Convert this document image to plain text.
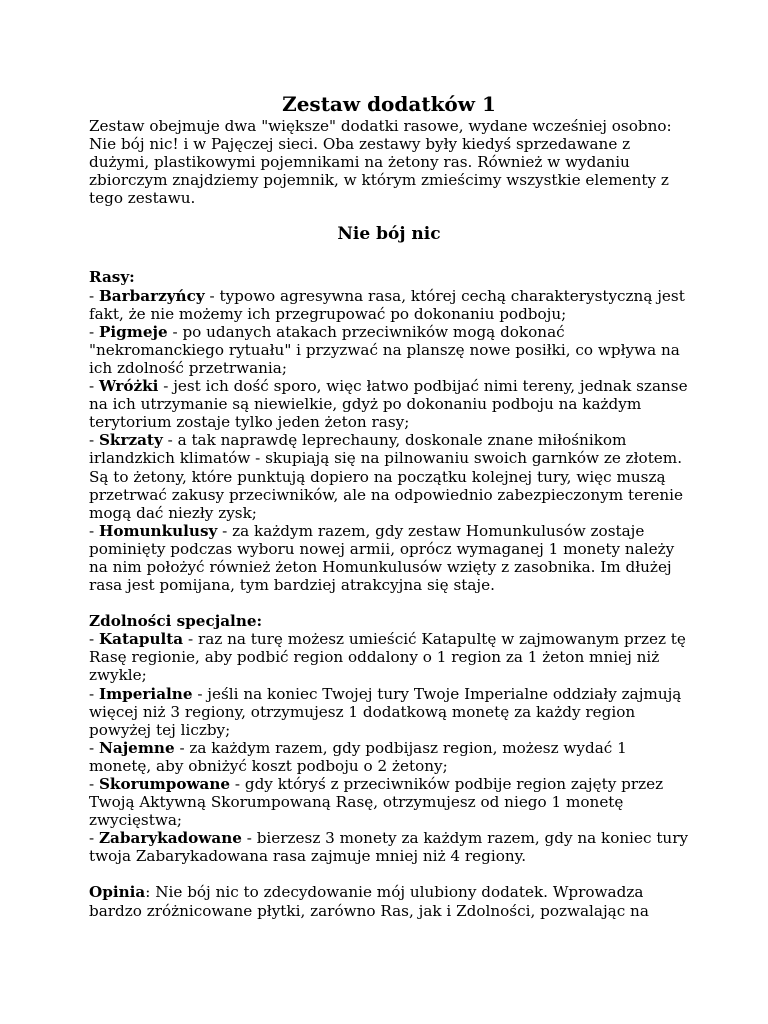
Zestaw dodatków 1

Zestaw obejmuje dwa "większe" dodatki rasowe, wydane wcześniej osobno: Nie bój nic! i w Pajęczej sieci. Oba zestawy były kiedyś sprzedawane z dużymi, plastikowymi pojemnikami na żetony ras. Również w wydaniu zbiorczym znajdziemy pojemnik, w którym zmieścimy wszystkie elementy z tego zestawu.

Nie bój nic

Rasy:

- Barbarzyńcy - typowo agresywna rasa, której cechą charakterystyczną jest fakt, że nie możemy ich przegrupować po dokonaniu podboju;

- Pigmeje - po udanych atakach przeciwników mogą dokonać "nekromanckiego rytuału" i przyzwać na planszę nowe posiłki, co wpływa na ich zdolność przetrwania;

- Wróżki - jest ich dość sporo, więc łatwo podbijać nimi tereny, jednak szanse na ich utrzymanie są niewielkie, gdyż po dokonaniu podboju na każdym terytorium zostaje tylko jeden żeton rasy;

- Skrzaty - a tak naprawdę leprechauny, doskonale znane miłośnikom irlandzkich klimatów - skupiają się na pilnowaniu swoich garnków ze złotem. Są to żetony, które punktują dopiero na początku kolejnej tury, więc muszą przetrwać zakusy przeciwników, ale na odpowiednio zabezpieczonym terenie mogą dać niezły zysk;

- Homunkulusy - za każdym razem, gdy zestaw Homunkulusów zostaje pominięty podczas wyboru nowej armii, oprócz wymaganej 1 monety należy na nim położyć również żeton Homunkulusów wzięty z zasobnika. Im dłużej rasa jest pomijana, tym bardziej atrakcyjna się staje.

Zdolności specjalne:

- Katapulta - raz na turę możesz umieścić Katapultę w zajmowanym przez tę Rasę regionie, aby podbić region oddalony o 1 region za 1 żeton mniej niż zwykle;

- Imperialne - jeśli na koniec Twojej tury Twoje Imperialne oddziały zajmują więcej niż 3 regiony, otrzymujesz 1 dodatkową monetę za każdy region powyżej tej liczby;

- Najemne - za każdym razem, gdy podbijasz region, możesz wydać 1 monetę, aby obniżyć koszt podboju o 2 żetony;

- Skorumpowane - gdy któryś z przeciwników podbije region zajęty przez Twoją Aktywną Skorumpowaną Rasę, otrzymujesz od niego 1 monetę zwycięstwa;

- Zabarykadowane - bierzesz 3 monety za każdym razem, gdy na koniec tury twoja Zabarykadowana rasa zajmuje mniej niż 4 regiony.

Opinia: Nie bój nic to zdecydowanie mój ulubiony dodatek. Wprowadza bardzo zróżnicowane płytki, zarówno Ras, jak i Zdolności, pozwalając na
